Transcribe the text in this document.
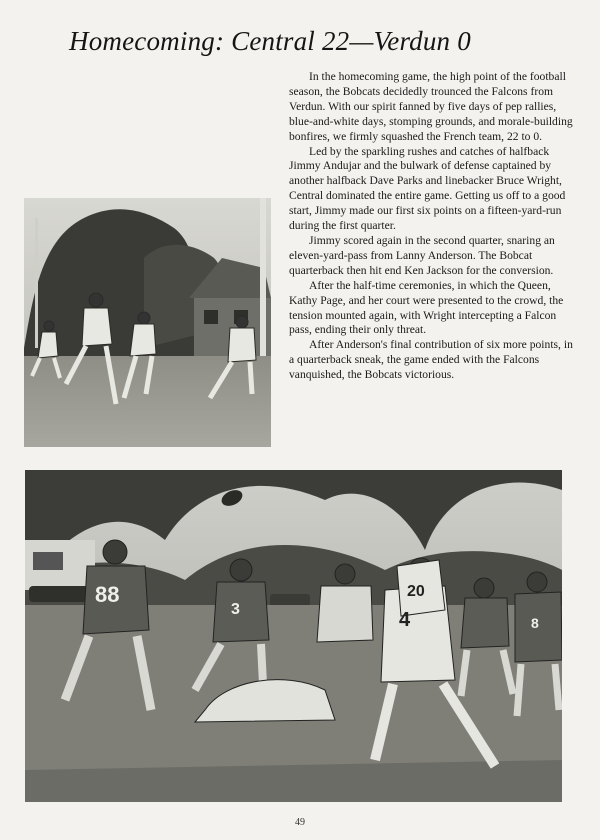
Homecoming: Central 22—Verdun 0

In the homecoming game, the high point of the football season, the Bobcats decidedly trounced the Falcons from Verdun. With our spirit fanned by five days of pep rallies, blue-and-white days, stomping grounds, and morale-building bonfires, we firmly squashed the French team, 22 to 0.

Led by the sparkling rushes and catches of halfback Jimmy Andujar and the bulwark of defense captained by another halfback Dave Parks and linebacker Bruce Wright, Central dominated the entire game. Getting us off to a good start, Jimmy made our first six points on a fifteen-yard-run during the first quarter.

Jimmy scored again in the second quarter, snaring an eleven-yard-pass from Lanny Anderson. The Bobcat quarterback then hit end Ken Jackson for the conversion.

After the half-time ceremonies, in which the Queen, Kathy Page, and her court were presented to the crowd, the tension mounted again, with Wright intercepting a Falcon pass, ending their only threat.

After Anderson's final contribution of six more points, in a quarterback sneak, the game ended with the Falcons vanquished, the Bobcats victorious.

88
3
20
4	8
49
